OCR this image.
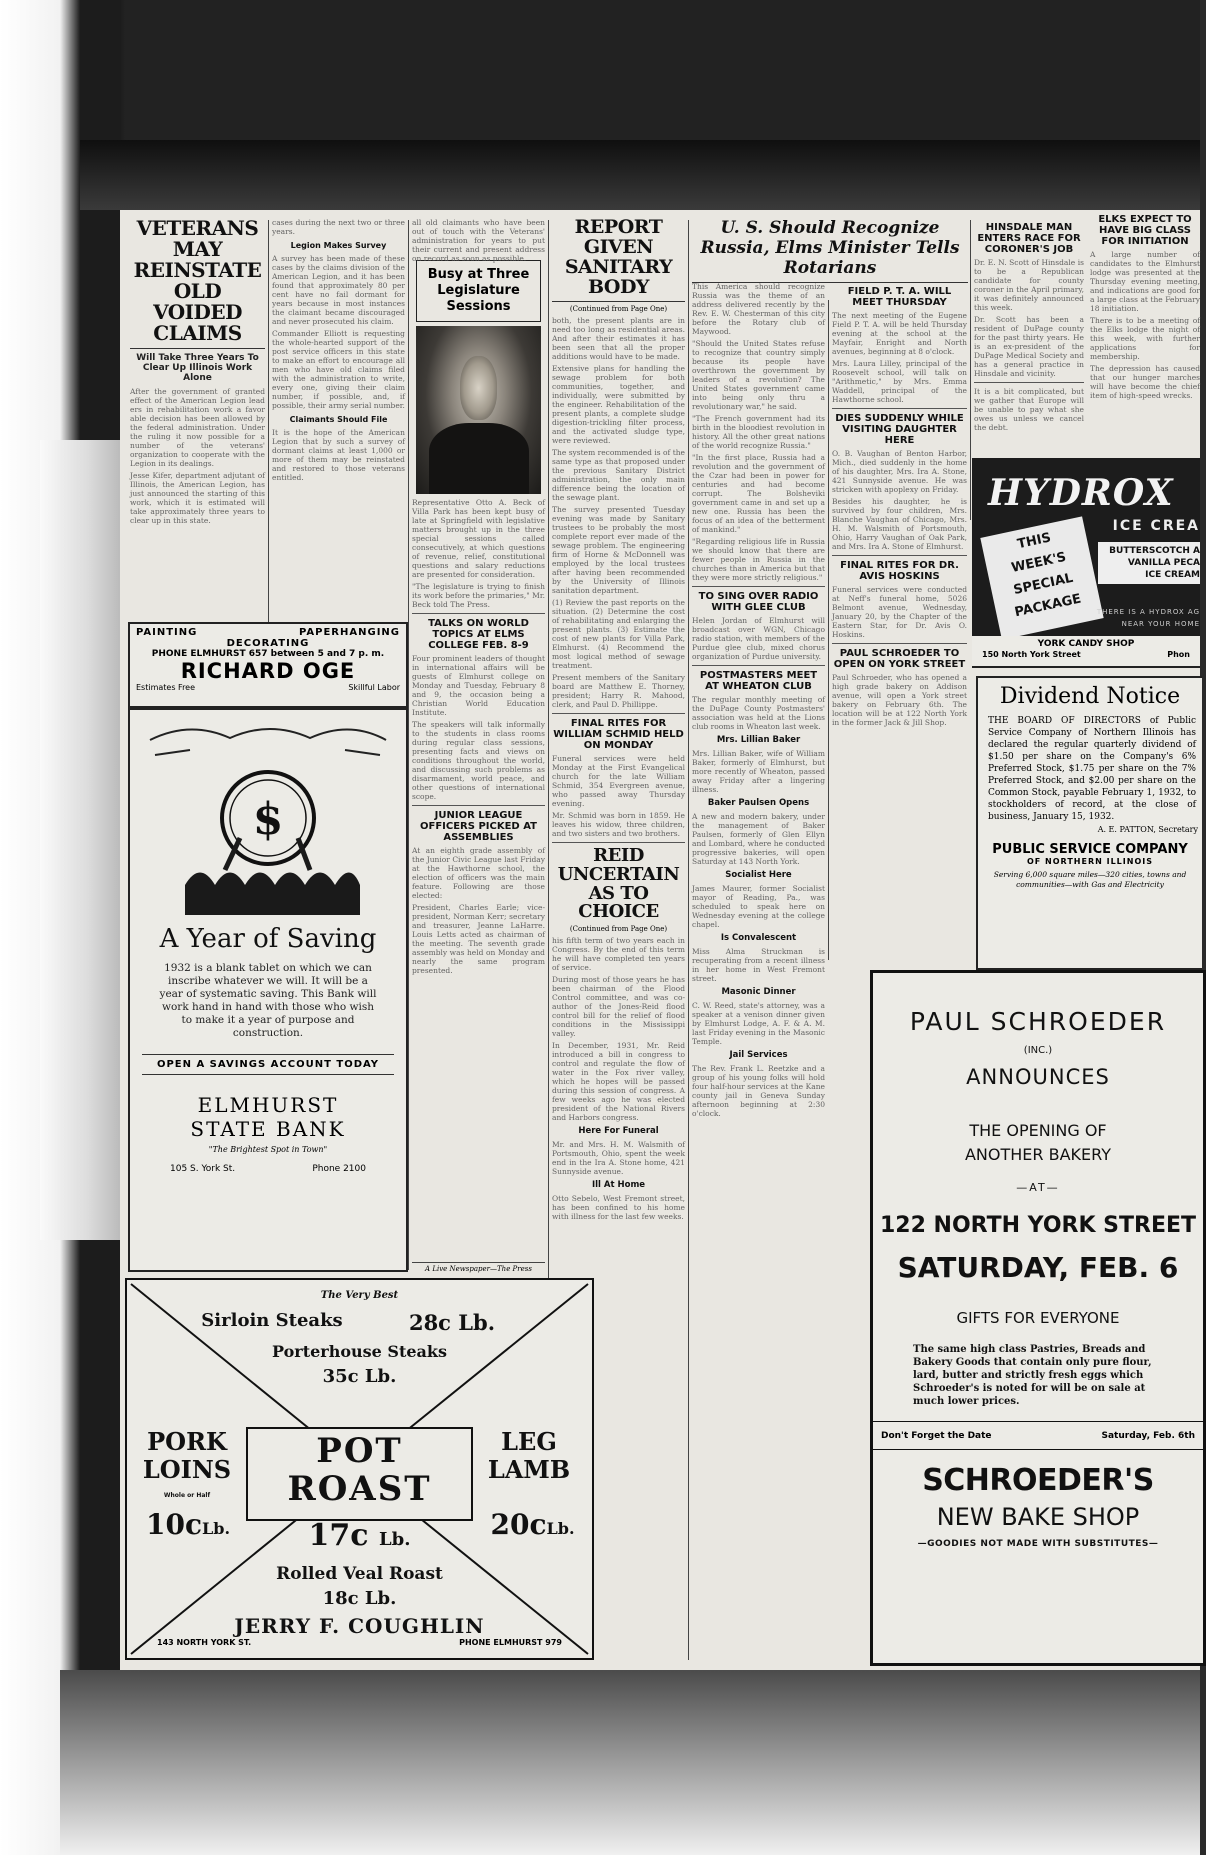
VETERANS MAY REINSTATE OLD VOIDED CLAIMS
Will Take Three Years To Clear Up Illinois Work Alone

After the government of granted effect of the American Legion lead ers in rehabilitation work a favor able decision has been allowed by the federal administration. Under the ruling it now possible for a number of the veterans' organization to cooperate with the Legion in its dealings.

Jesse Kifer, department adjutant of Illinois, the American Legion, has just announced the starting of this work, which it is estimated will take approximately three years to clear up in this state.

cases during the next two or three years.

Legion Makes Survey

A survey has been made of these cases by the claims division of the American Legion, and it has been found that approximately 80 per cent have no fail dormant for years because in most instances the claimant became discouraged and never prosecuted his claim.

Commander Elliott is requesting the whole-hearted support of the post service officers in this state to make an effort to encourage all men who have old claims filed with the administration to write, every one, giving their claim number, if possible, and, if possible, their army serial number.

Claimants Should File

It is the hope of the American Legion that by such a survey of dormant claims at least 1,000 or more of them may be reinstated and restored to those veterans entitled.

PAINTING	PAPERHANGING
DECORATING
PHONE ELMHURST 657 between 5 and 7 p. m.
RICHARD OGE
Estimates Free	Skillful Labor
$
A Year of Saving
1932 is a blank tablet on which we can inscribe whatever we will. It will be a year of systematic saving. This Bank will work hand in hand with those who wish to make it a year of purpose and construction.
OPEN A SAVINGS ACCOUNT TODAY
ELMHURST
STATE BANK
"The Brightest Spot in Town"
105 S. York St.	Phone 2100

all old claimants who have been out of touch with the Veterans' administration for years to put their current and present address on record as soon as possible.

Busy at Three Legislature Sessions

Representative Otto A. Beck of Villa Park has been kept busy of late at Springfield with legislative matters brought up in the three special sessions called consecutively, at which questions of revenue, relief, constitutional questions and salary reductions are presented for consideration.

"The legislature is trying to finish its work before the primaries," Mr. Beck told The Press.

TALKS ON WORLD TOPICS AT ELMS COLLEGE FEB. 8-9

Four prominent leaders of thought in international affairs will be guests of Elmhurst college on Monday and Tuesday, February 8 and 9, the occasion being a Christian World Education Institute.

The speakers will talk informally to the students in class rooms during regular class sessions, presenting facts and views on conditions throughout the world, and discussing such problems as disarmament, world peace, and other questions of international scope.

JUNIOR LEAGUE OFFICERS PICKED AT ASSEMBLIES

At an eighth grade assembly of the Junior Civic League last Friday at the Hawthorne school, the election of officers was the main feature. Following are those elected:

President, Charles Earle; vice-president, Norman Kerr; secretary and treasurer, Jeanne LaHarre. Louis Letts acted as chairman of the meeting. The seventh grade assembly was held on Monday and nearly the same program presented.

A Live Newspaper—The Press
REPORT GIVEN SANITARY BODY
(Continued from Page One)

both, the present plants are in need too long as residential areas. And after their estimates it has been seen that all the proper additions would have to be made.

Extensive plans for handling the sewage problem for both communities, together, and individually, were submitted by the engineer. Rehabilitation of the present plants, a complete sludge digestion-trickling filter process, and the activated sludge type, were reviewed.

The system recommended is of the same type as that proposed under the previous Sanitary District administration, the only main difference being the location of the sewage plant.

The survey presented Tuesday evening was made by Sanitary trustees to be probably the most complete report ever made of the sewage problem. The engineering firm of Horne & McDonnell was employed by the local trustees after having been recommended by the University of Illinois sanitation department.

(1) Review the past reports on the situation. (2) Determine the cost of rehabilitating and enlarging the present plants. (3) Estimate the cost of new plants for Villa Park, Elmhurst. (4) Recommend the most logical method of sewage treatment.

Present members of the Sanitary board are Matthew E. Thorney, president; Harry R. Mahood, clerk, and Paul D. Phillippe.

FINAL RITES FOR WILLIAM SCHMID HELD ON MONDAY

Funeral services were held Monday at the First Evangelical church for the late William Schmid, 354 Evergreen avenue, who passed away Thursday evening.

Mr. Schmid was born in 1859. He leaves his widow, three children, and two sisters and two brothers.

REID UNCERTAIN AS TO CHOICE
(Continued from Page One)

his fifth term of two years each in Congress. By the end of this term he will have completed ten years of service.

During most of those years he has been chairman of the Flood Control committee, and was co-author of the Jones-Reid flood control bill for the relief of flood conditions in the Mississippi valley.

In December, 1931, Mr. Reid introduced a bill in congress to control and regulate the flow of water in the Fox river valley, which he hopes will be passed during this session of congress. A few weeks ago he was elected president of the National Rivers and Harbors congress.

Here For Funeral

Mr. and Mrs. H. M. Walsmith of Portsmouth, Ohio, spent the week end in the Ira A. Stone home, 421 Sunnyside avenue.

Ill At Home

Otto Sebelo, West Fremont street, has been confined to his home with illness for the last few weeks.

U. S. Should Recognize Russia, Elms Minister Tells Rotarians

This America should recognize Russia was the theme of an address delivered recently by the Rev. E. W. Chesterman of this city before the Rotary club of Maywood.

"Should the United States refuse to recognize that country simply because its people have overthrown the government by leaders of a revolution? The United States government came into being only thru a revolutionary war," he said.

"The French government had its birth in the bloodiest revolution in history. All the other great nations of the world recognize Russia."

"In the first place, Russia had a revolution and the government of the Czar had been in power for centuries and had become corrupt. The Bolsheviki government came in and set up a new one. Russia has been the focus of an idea of the betterment of mankind."

"Regarding religious life in Russia we should know that there are fewer people in Russia in the churches than in America but that they were more strictly religious."

TO SING OVER RADIO WITH GLEE CLUB

Helen Jordan of Elmhurst will broadcast over WGN, Chicago radio station, with members of the Purdue glee club, mixed chorus organization of Purdue university.

POSTMASTERS MEET AT WHEATON CLUB

The regular monthly meeting of the DuPage County Postmasters' association was held at the Lions club rooms in Wheaton last week.

Mrs. Lillian Baker

Mrs. Lillian Baker, wife of William Baker, formerly of Elmhurst, but more recently of Wheaton, passed away Friday after a lingering illness.

Baker Paulsen Opens

A new and modern bakery, under the management of Baker Paulsen, formerly of Glen Ellyn and Lombard, where he conducted progressive bakeries, will open Saturday at 143 North York.

Socialist Here

James Maurer, former Socialist mayor of Reading, Pa., was scheduled to speak here on Wednesday evening at the college chapel.

Is Convalescent

Miss Alma Struckman is recuperating from a recent illness in her home in West Fremont street.

Masonic Dinner

C. W. Reed, state's attorney, was a speaker at a venison dinner given by Elmhurst Lodge, A. F. & A. M. last Friday evening in the Masonic Temple.

Jail Services

The Rev. Frank L. Reetzke and a group of his young folks will hold four half-hour services at the Kane county jail in Geneva Sunday afternoon beginning at 2:30 o'clock.

FIELD P. T. A. WILL MEET THURSDAY

The next meeting of the Eugene Field P. T. A. will be held Thursday evening at the school at the Mayfair, Enright and North avenues, beginning at 8 o'clock.

Mrs. Laura Lilley, principal of the Roosevelt school, will talk on "Arithmetic," by Mrs. Emma Waddell, principal of the Hawthorne school.

DIES SUDDENLY WHILE VISITING DAUGHTER HERE

O. B. Vaughan of Benton Harbor, Mich., died suddenly in the home of his daughter, Mrs. Ira A. Stone, 421 Sunnyside avenue. He was stricken with apoplexy on Friday.

Besides his daughter, he is survived by four children, Mrs. Blanche Vaughan of Chicago, Mrs. H. M. Walsmith of Portsmouth, Ohio, Harry Vaughan of Oak Park, and Mrs. Ira A. Stone of Elmhurst.

FINAL RITES FOR DR. AVIS HOSKINS

Funeral services were conducted at Neff's funeral home, 5026 Belmont avenue, Wednesday, January 20, by the Chapter of the Eastern Star, for Dr. Avis O. Hoskins.

PAUL SCHROEDER TO OPEN ON YORK STREET

Paul Schroeder, who has opened a high grade bakery on Addison avenue, will open a York street bakery on February 6th. The location will be at 122 North York in the former Jack & Jill Shop.

HINSDALE MAN ENTERS RACE FOR CORONER'S JOB

Dr. E. N. Scott of Hinsdale is to be a Republican candidate for county coroner in the April primary, it was definitely announced this week.

Dr. Scott has been a resident of DuPage county for the past thirty years. He is an ex-president of the DuPage Medical Society and has a general practice in Hinsdale and vicinity.

It is a bit complicated, but we gather that Europe will be unable to pay what she owes us unless we cancel the debt.

ELKS EXPECT TO HAVE BIG CLASS FOR INITIATION

A large number of candidates to the Elmhurst lodge was presented at the Thursday evening meeting, and indications are good for a large class at the February 18 initiation.

There is to be a meeting of the Elks lodge the night of this week, with further applications for membership.

The depression has caused that our hunger marches will have become the chief item of high-speed wrecks.

HYDROX
THIS
WEEK'S
SPECIAL
PACKAGE
ICE CREA
BUTTERSCOTCH A
VANILLA PECA
ICE CREAM
THERE IS A HYDROX AG
NEAR YOUR HOME
YORK CANDY SHOP
150 North York Street	Phon
Dividend Notice
THE BOARD OF DIRECTORS of Public Service Company of Northern Illinois has declared the regular quarterly dividend of $1.50 per share on the Company's 6% Preferred Stock, $1.75 per share on the 7% Preferred Stock, and $2.00 per share on the Common Stock, payable February 1, 1932, to stockholders of record, at the close of business, January 15, 1932.
A. E. PATTON, Secretary
PUBLIC SERVICE COMPANY
OF NORTHERN ILLINOIS
Serving 6,000 square miles—320 cities, towns and communities—with Gas and Electricity
The Very Best
Sirloin Steaks	28c Lb.
Porterhouse Steaks
35c Lb.
PORK
LOINS
Whole or Half
10cLb.
POT
ROAST
17c Lb.
LEG
LAMB
20cLb.
Rolled Veal Roast
18c Lb.
JERRY F. COUGHLIN
143 NORTH YORK ST.	PHONE ELMHURST 979
PAUL SCHROEDER
(INC.)
ANNOUNCES
THE OPENING OF
ANOTHER BAKERY
—AT—
122 NORTH YORK STREET
SATURDAY, FEB. 6
GIFTS FOR EVERYONE
The same high class Pastries, Breads and Bakery Goods that contain only pure flour, lard, butter and strictly fresh eggs which Schroeder's is noted for will be on sale at much lower prices.
Don't Forget the Date	Saturday, Feb. 6th
SCHROEDER'S
NEW BAKE SHOP
—GOODIES NOT MADE WITH SUBSTITUTES—
